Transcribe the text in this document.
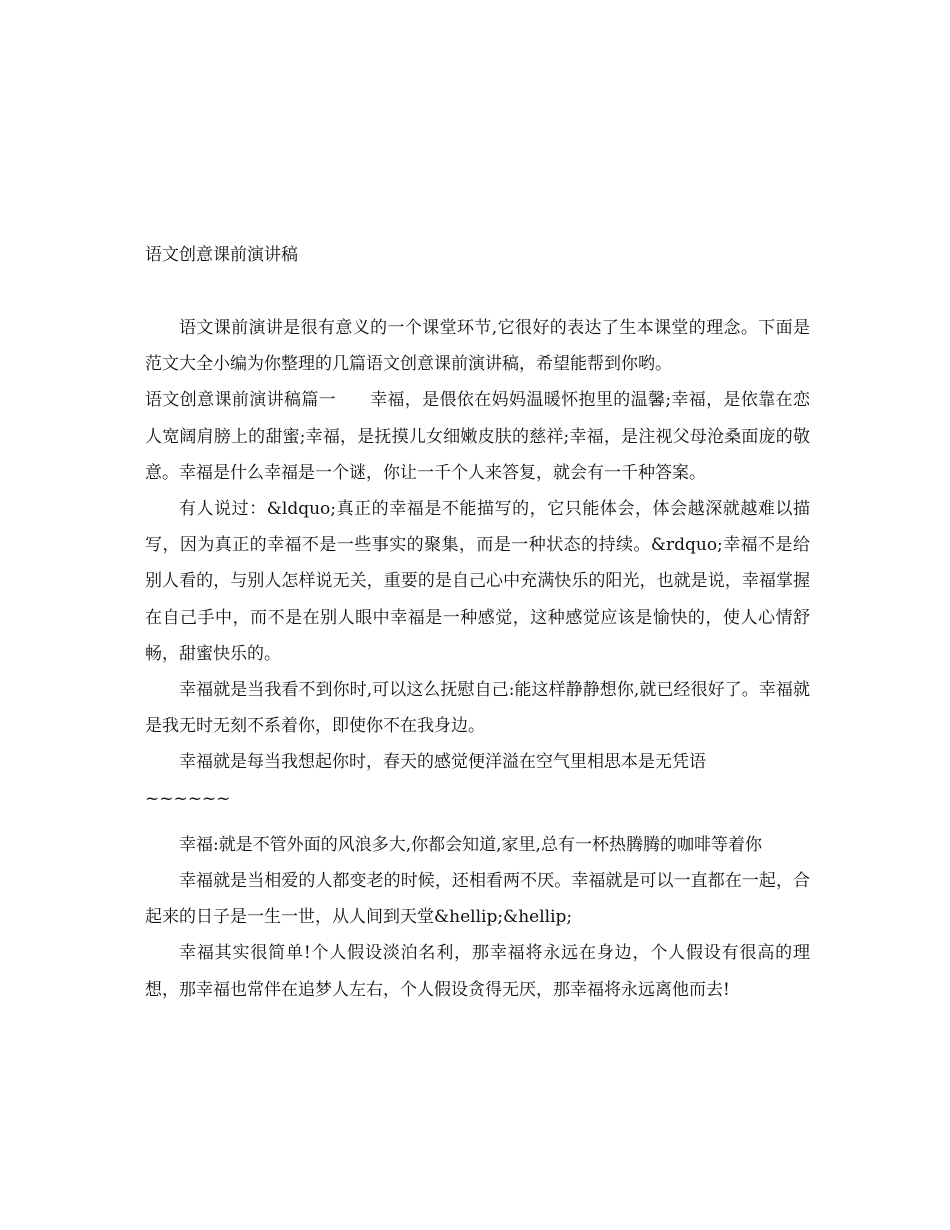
语文创意课前演讲稿

语文课前演讲是很有意义的一个课堂环节,它很好的表达了生本课堂的理念。下面是范文大全小编为你整理的几篇语文创意课前演讲稿，希望能帮到你哟。

语文创意课前演讲稿篇一 幸福，是偎依在妈妈温暖怀抱里的温馨;幸福，是依靠在恋人宽阔肩膀上的甜蜜;幸福，是抚摸儿女细嫩皮肤的慈祥;幸福，是注视父母沧桑面庞的敬意。幸福是什么幸福是一个谜，你让一千个人来答复，就会有一千种答案。

有人说过：&ldquo;真正的幸福是不能描写的，它只能体会，体会越深就越难以描写，因为真正的幸福不是一些事实的聚集，而是一种状态的持续。&rdquo;幸福不是给别人看的，与别人怎样说无关，重要的是自己心中充满快乐的阳光，也就是说，幸福掌握在自己手中，而不是在别人眼中幸福是一种感觉，这种感觉应该是愉快的，使人心情舒畅，甜蜜快乐的。

幸福就是当我看不到你时,可以这么抚慰自己:能这样静静想你,就已经很好了。幸福就是我无时无刻不系着你，即使你不在我身边。

幸福就是每当我想起你时，春天的感觉便洋溢在空气里相思本是无凭语

~~~~~~

幸福:就是不管外面的风浪多大,你都会知道,家里,总有一杯热腾腾的咖啡等着你

幸福就是当相爱的人都变老的时候，还相看两不厌。幸福就是可以一直都在一起，合起来的日子是一生一世，从人间到天堂&hellip;&hellip;

幸福其实很简单!个人假设淡泊名利，那幸福将永远在身边，个人假设有很高的理想，那幸福也常伴在追梦人左右，个人假设贪得无厌，那幸福将永远离他而去!
